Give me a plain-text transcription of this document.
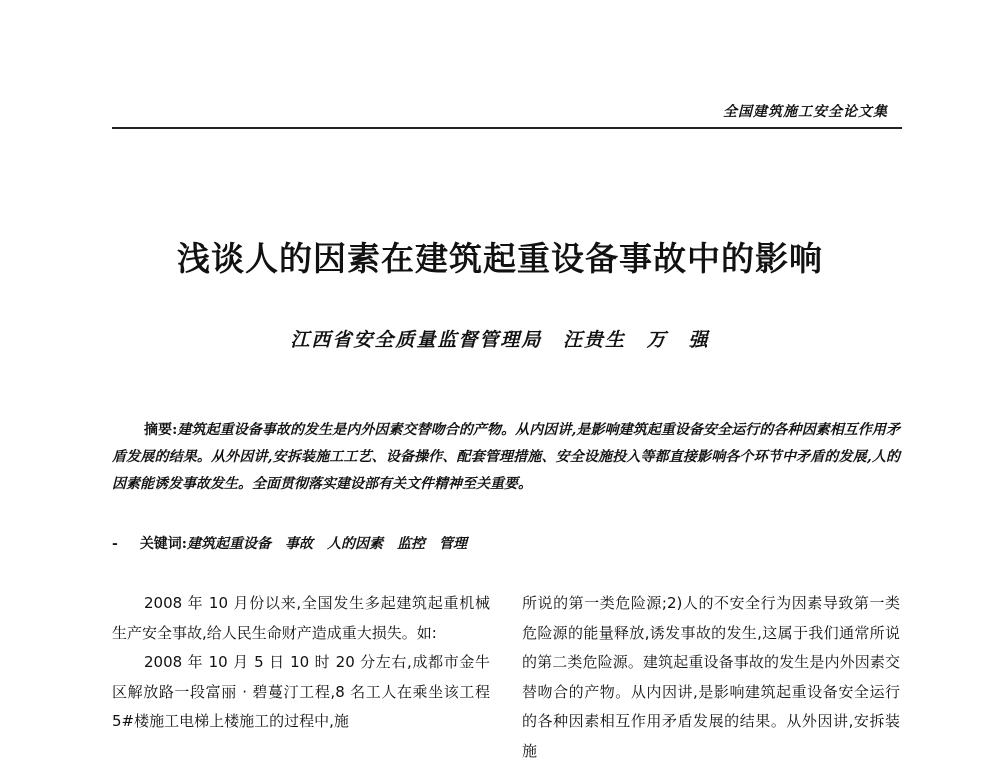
全国建筑施工安全论文集
浅谈人的因素在建筑起重设备事故中的影响
江西省安全质量监督管理局 汪贵生 万　强
摘要:建筑起重设备事故的发生是内外因素交替吻合的产物。从内因讲,是影响建筑起重设备安全运行的各种因素相互作用矛盾发展的结果。从外因讲,安拆装施工工艺、设备操作、配套管理措施、安全设施投入等都直接影响各个环节中矛盾的发展,人的因素能诱发事故发生。全面贯彻落实建设部有关文件精神至关重要。
- 关键词:建筑起重设备 事故 人的因素 监控 管理

2008 年 10 月份以来,全国发生多起建筑起重机械生产安全事故,给人民生命财产造成重大损失。如:

2008 年 10 月 5 日 10 时 20 分左右,成都市金牛区解放路一段富丽 · 碧蔓汀工程,8 名工人在乘坐该工程 5#楼施工电梯上楼施工的过程中,施

所说的第一类危险源;2)人的不安全行为因素导致第一类危险源的能量释放,诱发事故的发生,这属于我们通常所说的第二类危险源。建筑起重设备事故的发生是内外因素交替吻合的产物。从内因讲,是影响建筑起重设备安全运行的各种因素相互作用矛盾发展的结果。从外因讲,安拆装施
